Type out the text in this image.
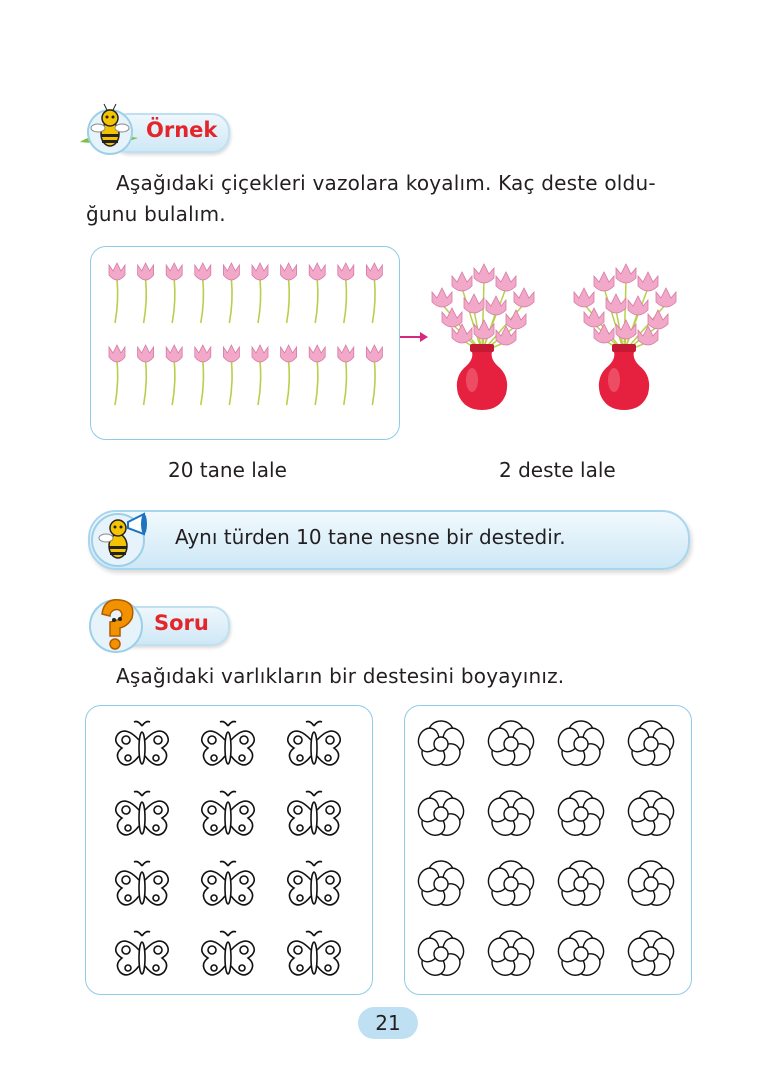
Örnek
Aşağıdaki çiçekleri vazolara koyalım. Kaç deste oldu-
ğunu bulalım.
20 tane lale	2 deste lale
Aynı türden 10 tane nesne bir destedir.
Soru
Aşağıdaki varlıkların bir destesini boyayınız.
21
